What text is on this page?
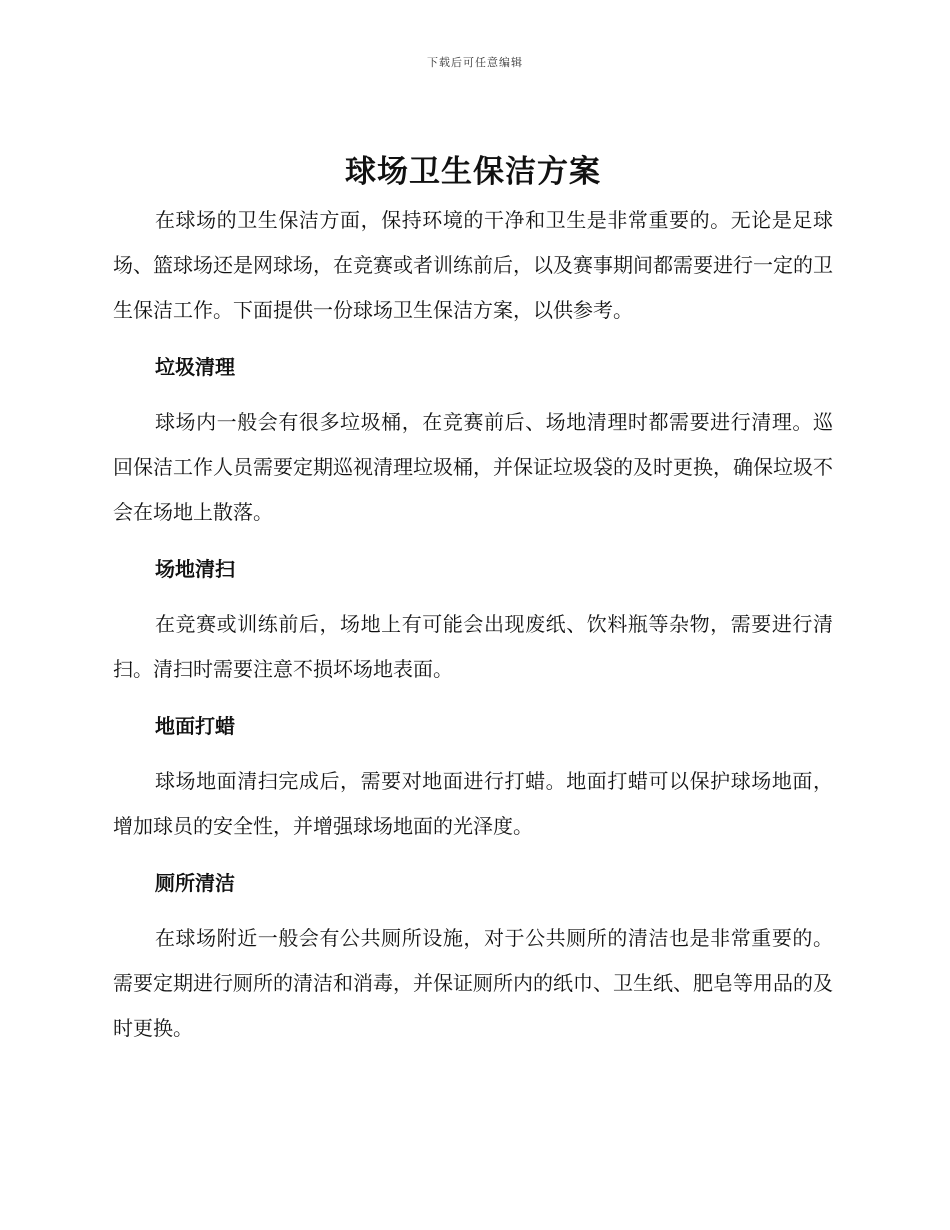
下载后可任意编辑
球场卫生保洁方案

在球场的卫生保洁方面，保持环境的干净和卫生是非常重要的。无论是足球场、篮球场还是网球场，在竞赛或者训练前后，以及赛事期间都需要进行一定的卫生保洁工作。下面提供一份球场卫生保洁方案，以供参考。

垃圾清理

球场内一般会有很多垃圾桶，在竞赛前后、场地清理时都需要进行清理。巡回保洁工作人员需要定期巡视清理垃圾桶，并保证垃圾袋的及时更换，确保垃圾不会在场地上散落。

场地清扫

在竞赛或训练前后，场地上有可能会出现废纸、饮料瓶等杂物，需要进行清扫。清扫时需要注意不损坏场地表面。

地面打蜡

球场地面清扫完成后，需要对地面进行打蜡。地面打蜡可以保护球场地面，增加球员的安全性，并增强球场地面的光泽度。

厕所清洁

在球场附近一般会有公共厕所设施，对于公共厕所的清洁也是非常重要的。需要定期进行厕所的清洁和消毒，并保证厕所内的纸巾、卫生纸、肥皂等用品的及时更换。
